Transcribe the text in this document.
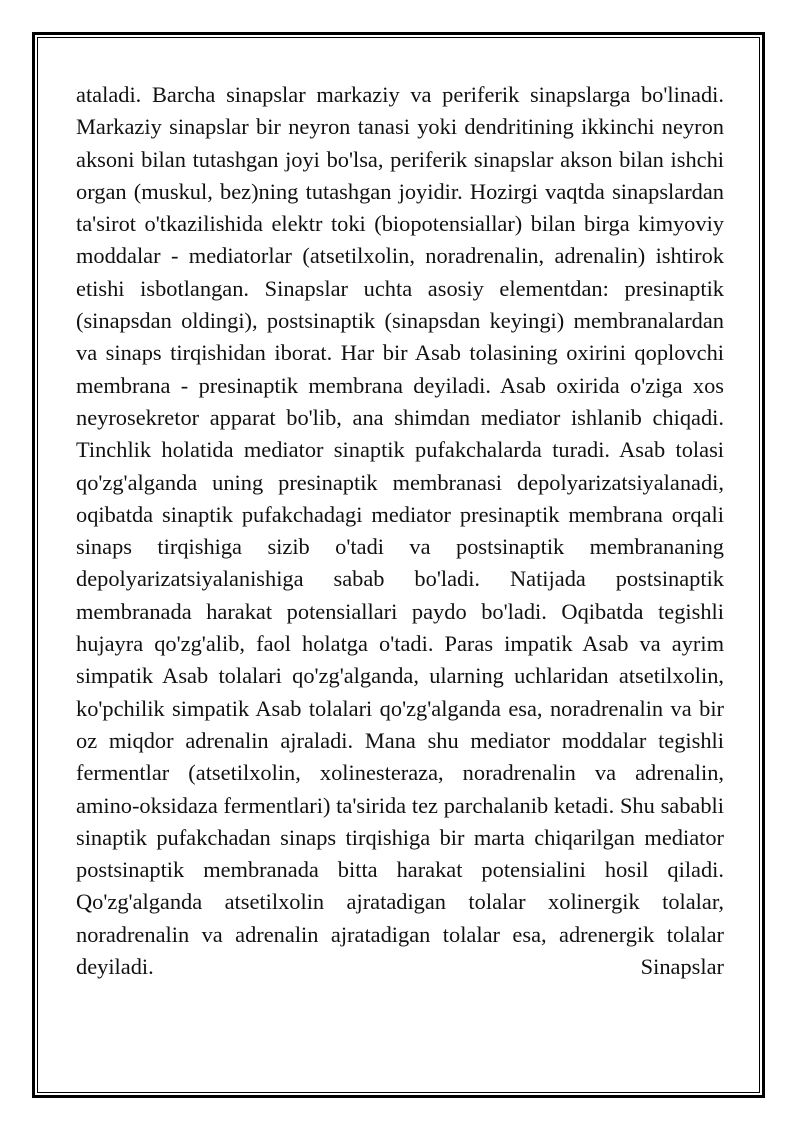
ataladi. Barcha sinapslar markaziy va periferik sinapslarga bo'linadi. Markaziy sinapslar bir neyron tanasi yoki dendritining ikkinchi neyron aksoni bilan tutashgan joyi bo'lsa, periferik sinapslar akson bilan ishchi organ (muskul, bez)ning tutashgan joyidir. Hozirgi vaqtda sinapslardan ta'sirot o'tkazilishida elektr toki (biopotensiallar) bilan birga kimyoviy moddalar - mediatorlar (atsetilxolin, noradrenalin, adrenalin) ishtirok etishi isbotlangan. Sinapslar uchta asosiy elementdan: presinaptik (sinapsdan oldingi), postsinaptik (sinapsdan keyingi) membranalardan va sinaps tirqishidan iborat. Har bir Asab tolasining oxirini qoplovchi membrana - presinaptik membrana deyiladi. Asab oxirida o'ziga xos neyrosekretor apparat bo'lib, ana shimdan mediator ishlanib chiqadi. Tinchlik holatida mediator sinaptik pufakchalarda turadi. Asab tolasi qo'zg'alganda uning presinaptik membranasi depolyarizatsiyalanadi, oqibatda sinaptik pufakchadagi mediator presinaptik membrana orqali sinaps tirqishiga sizib o'tadi va postsinaptik membrananing depolyarizatsiyalanishiga sabab bo'ladi. Natijada postsinaptik membranada harakat potensiallari paydo bo'ladi. Oqibatda tegishli hujayra qo'zg'alib, faol holatga o'tadi. Paras impatik Asab va ayrim simpatik Asab tolalari qo'zg'alganda, ularning uchlaridan atsetilxolin, ko'pchilik simpatik Asab tolalari qo'zg'alganda esa, noradrenalin va bir oz miqdor adrenalin ajraladi. Mana shu mediator moddalar tegishli fermentlar (atsetilxolin, xolinesteraza, noradrenalin va adrenalin, amino-oksidaza fermentlari) ta'sirida tez parchalanib ketadi. Shu sababli sinaptik pufakchadan sinaps tirqishiga bir marta chiqarilgan mediator postsinaptik membranada bitta harakat potensialini hosil qiladi. Qo'zg'alganda atsetilxolin ajratadigan tolalar xolinergik tolalar, noradrenalin va adrenalin ajratadigan tolalar esa, adrenergik tolalar deyiladi. Sinapslar
